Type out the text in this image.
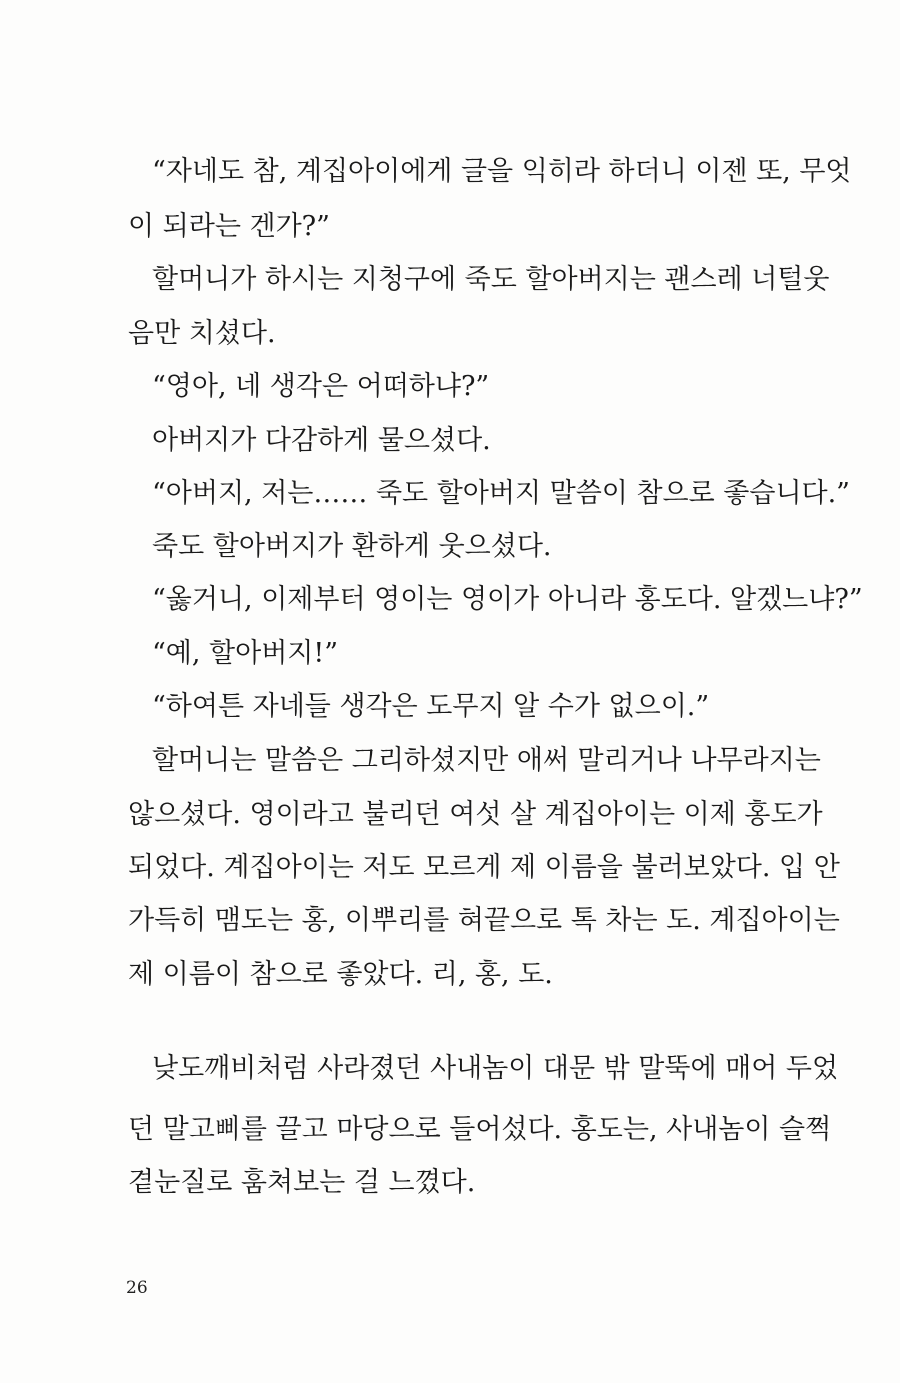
“자네도 참, 계집아이에게 글을 익히라 하더니 이젠 또, 무엇
이 되라는 겐가?”
할머니가 하시는 지청구에 죽도 할아버지는 괜스레 너털웃
음만 치셨다.
“영아, 네 생각은 어떠하냐?”
아버지가 다감하게 물으셨다.
“아버지, 저는…… 죽도 할아버지 말씀이 참으로 좋습니다.”
죽도 할아버지가 환하게 웃으셨다.
“옳거니, 이제부터 영이는 영이가 아니라 홍도다. 알겠느냐?”
“예, 할아버지!”
“하여튼 자네들 생각은 도무지 알 수가 없으이.”
할머니는 말씀은 그리하셨지만 애써 말리거나 나무라지는
않으셨다. 영이라고 불리던 여섯 살 계집아이는 이제 홍도가
되었다. 계집아이는 저도 모르게 제 이름을 불러보았다. 입 안
가득히 맴도는 홍, 이뿌리를 혀끝으로 톡 차는 도. 계집아이는
제 이름이 참으로 좋았다. 리, 홍, 도.
낮도깨비처럼 사라졌던 사내놈이 대문 밖 말뚝에 매어 두었
던 말고삐를 끌고 마당으로 들어섰다. 홍도는, 사내놈이 슬쩍
곁눈질로 훔쳐보는 걸 느꼈다.
26
